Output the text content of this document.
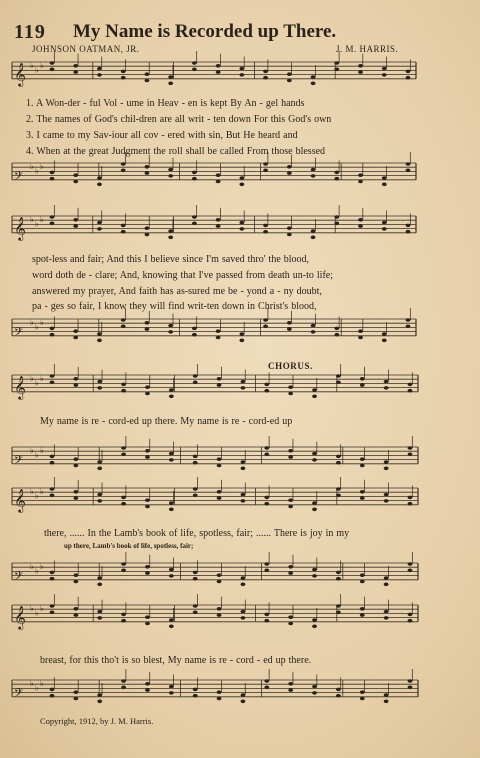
119 My Name is Recorded up There.
JOHNSON OATMAN, JR.	J. M. HARRIS.
𝄞 ♭ ♭ ♭
𝄢
♭ ♭ ♭
𝄞 ♭ ♭ ♭
𝄢
♭ ♭ ♭
𝄞 ♭ ♭ ♭
𝄢
♭ ♭ ♭
𝄞 ♭ ♭ ♭
𝄢
♭ ♭ ♭
𝄞 ♭ ♭ ♭
𝄢
♭ ♭ ♭
1. A Won-der - ful Vol - ume in Heav - en is kept By An - gel hands
2. The names of God's chil-dren are all writ - ten down For this God's own
3. I came to my Sav-iour all cov - ered with sin, But He heard and
4. When at the great Judgment the roll shall be called From those blessed
spot-less and fair; And this I believe since I'm saved thro' the blood,
word doth de - clare; And, knowing that I've passed from death un-to life;
answered my prayer, And faith has as-sured me be - yond a - ny doubt,
pa - ges so fair, I know they will find writ-ten down in Christ's blood,
CHORUS.
My name is re - cord-ed up there. My name is re - cord-ed up
there, ...... In the Lamb's book of life, spotless, fair; ...... There is joy in my
up there, Lamb's book of life, spotless, fair;
breast, for this tho't is so blest, My name is re - cord - ed up there.
Copyright, 1912, by J. M. Harris.
